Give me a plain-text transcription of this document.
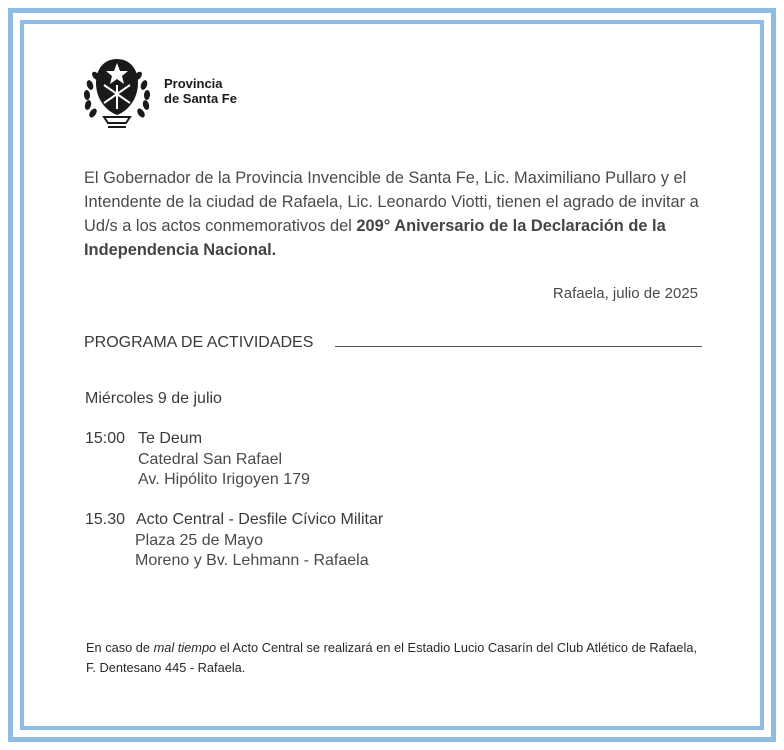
Provincia
de Santa Fe
El Gobernador de la Provincia Invencible de Santa Fe, Lic. Maximiliano Pullaro y el Intendente de la ciudad de Rafaela, Lic. Leonardo Viotti, tienen el agrado de invitar a Ud/s a los actos conmemorativos del 209° Aniversario de la Declaración de la Independencia Nacional.
Rafaela, julio de 2025
PROGRAMA DE ACTIVIDADES
Miércoles 9 de julio
15:00 Te Deum
Catedral San Rafael
Av. Hipólito Irigoyen 179
15.30 Acto Central - Desfile Cívico Militar
Plaza 25 de Mayo
Moreno y Bv. Lehmann - Rafaela
En caso de mal tiempo el Acto Central se realizará en el Estadio Lucio Casarín del Club Atlético de Rafaela,
F. Dentesano 445 - Rafaela.
